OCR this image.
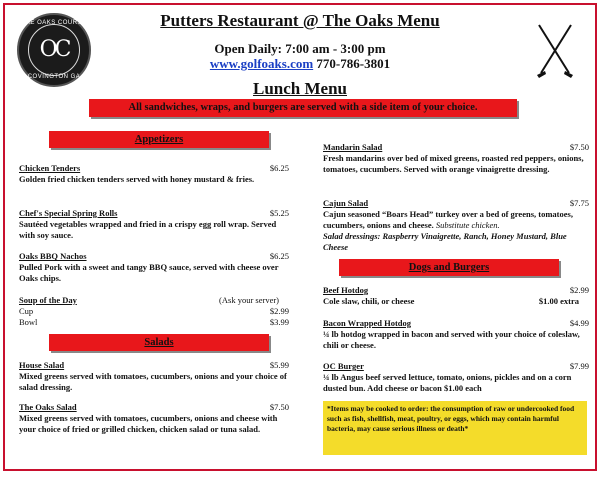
THE OAKS COURSE
OC
COVINGTON GA
Putters Restaurant @ The Oaks Menu
Open Daily: 7:00 am - 3:00 pm
www.golfoaks.com 770-786-3801
Lunch Menu
All sandwiches, wraps, and burgers are served with a side item of your choice.
Appetizers
Chicken Tenders	$6.25
Golden fried chicken tenders served with honey mustard & fries.
Chef's Special Spring Rolls	$5.25
Sautéed vegetables wrapped and fried in a crispy egg roll wrap. Served with soy sauce.
Oaks BBQ Nachos	$6.25
Pulled Pork with a sweet and tangy BBQ sauce, served with cheese over Oaks chips.
Soup of the Day	(Ask your server)
Cup	$2.99
Bowl	$3.99
Salads
House Salad	$5.99
Mixed greens served with tomatoes, cucumbers, onions and your choice of salad dressing.
The Oaks Salad	$7.50
Mixed greens served with tomatoes, cucumbers, onions and cheese with your choice of fried or grilled chicken, chicken salad or tuna salad.
Mandarin Salad	$7.50
Fresh mandarins over bed of mixed greens, roasted red peppers, onions, tomatoes, cucumbers. Served with orange vinaigrette dressing.
Cajun Salad	$7.75
Cajun seasoned “Boars Head” turkey over a bed of greens, tomatoes, cucumbers, onions and cheese. Substitute chicken.
Salad dressings: Raspberry Vinaigrette, Ranch, Honey Mustard, Blue Cheese
Dogs and Burgers
Beef Hotdog	$2.99
Cole slaw, chili, or cheese	$1.00 extra
Bacon Wrapped Hotdog	$4.99
¼ lb hotdog wrapped in bacon and served with your choice of coleslaw, chili or cheese.
OC Burger	$7.99
¼ lb Angus beef served lettuce, tomato, onions, pickles and on a corn dusted bun. Add cheese or bacon $1.00 each
*Items may be cooked to order: the consumption of raw or undercooked food such as fish, shellfish, meat, poultry, or eggs, which may contain harmful bacteria, may cause serious illness or death*
